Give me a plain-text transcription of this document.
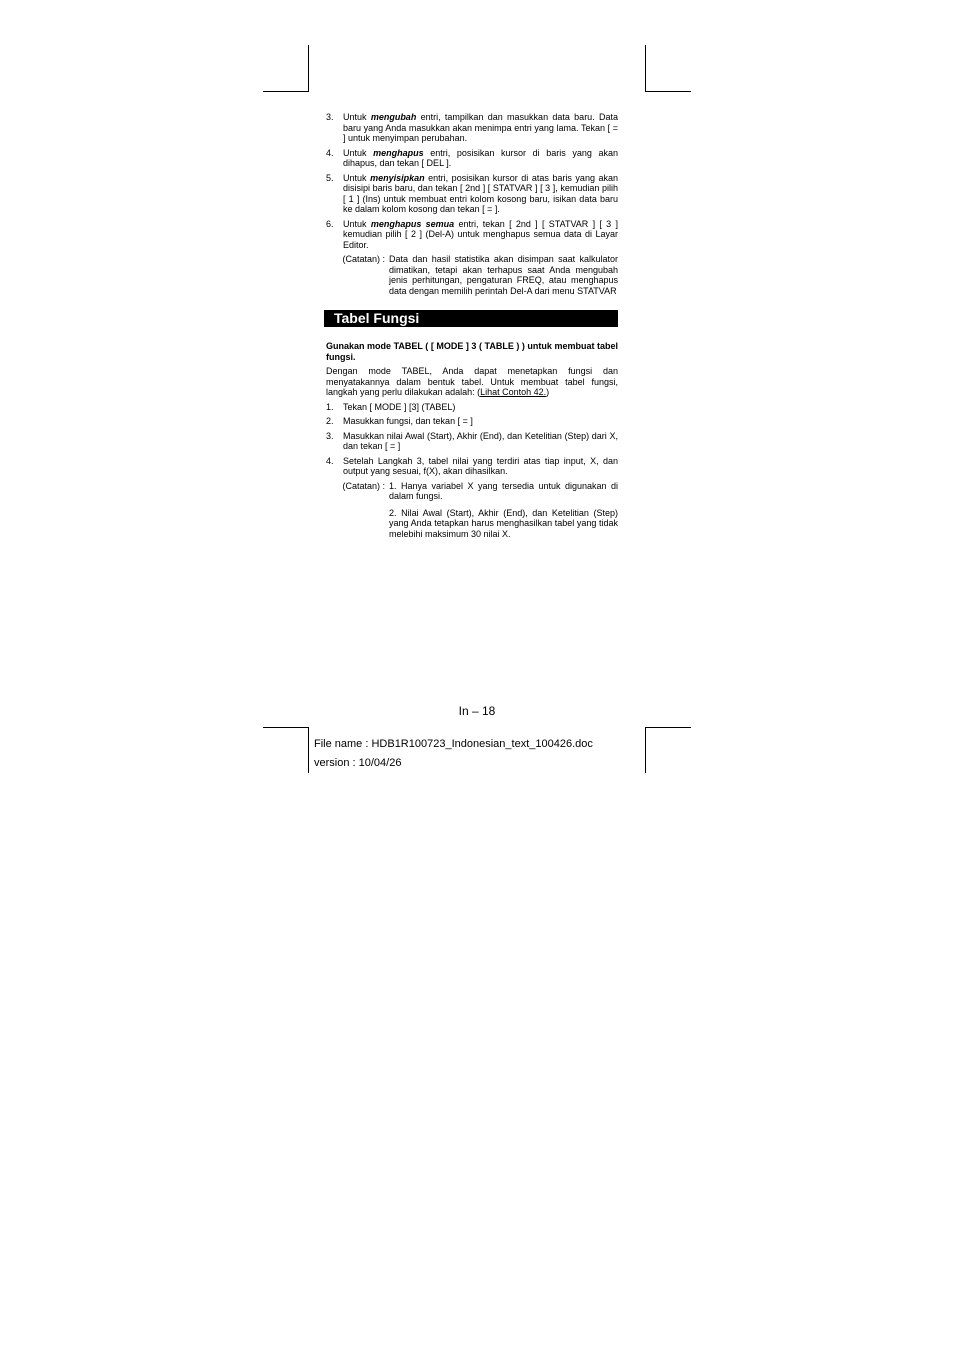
3.	Untuk mengubah entri, tampilkan dan masukkan data baru. Data baru yang Anda masukkan akan menimpa entri yang lama. Tekan [ = ] untuk menyimpan perubahan.
4.	Untuk menghapus entri, posisikan kursor di baris yang akan dihapus, dan tekan [ DEL ].
5.	Untuk menyisipkan entri, posisikan kursor di atas baris yang akan disisipi baris baru, dan tekan [ 2nd ] [ STATVAR ] [ 3 ], kemudian pilih [ 1 ] (Ins) untuk membuat entri kolom kosong baru, isikan data baru ke dalam kolom kosong dan tekan [ = ].
6.	Untuk menghapus semua entri, tekan [ 2nd ] [ STATVAR ] [ 3 ] kemudian pilih [ 2 ] (Del-A) untuk menghapus semua data di Layar Editor.
(Catatan) : Data dan hasil statistika akan disimpan saat kalkulator dimatikan, tetapi akan terhapus saat Anda mengubah jenis perhitungan, pengaturan FREQ, atau menghapus data dengan memilih perintah Del-A dari menu STATVAR
Tabel Fungsi
Gunakan mode TABEL ( [ MODE ] 3 ( TABLE ) ) untuk membuat tabel fungsi.
Dengan mode TABEL, Anda dapat menetapkan fungsi dan menyatakannya dalam bentuk tabel. Untuk membuat tabel fungsi, langkah yang perlu dilakukan adalah: (Lihat Contoh 42.)
1.	Tekan [ MODE ] [3] (TABEL)
2.	Masukkan fungsi, dan tekan [ = ]
3.	Masukkan nilai Awal (Start), Akhir (End), dan Ketelitian (Step) dari X, dan tekan [ = ]
4.	Setelah Langkah 3, tabel nilai yang terdiri atas tiap input, X, dan output yang sesuai, f(X), akan dihasilkan.
(Catatan) : 1. Hanya variabel X yang tersedia untuk digunakan di dalam fungsi.
2. Nilai Awal (Start), Akhir (End), dan Ketelitian (Step) yang Anda tetapkan harus menghasilkan tabel yang tidak melebihi maksimum 30 nilai X.
In – 18
File name : HDB1R100723_Indonesian_text_100426.doc
version : 10/04/26
